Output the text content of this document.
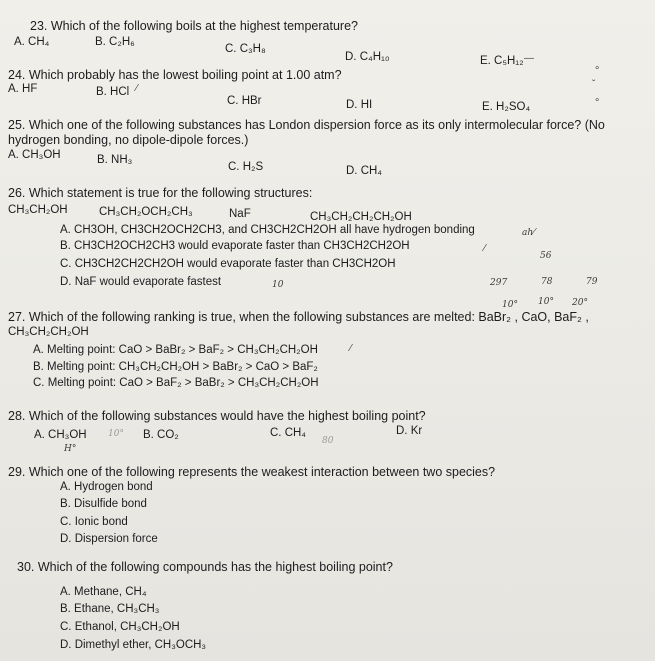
23. Which of the following boils at the highest temperature?
A. CH₄	B. C₂H₆
C. C₃H₈
D. C₄H₁₀	E. C₅H₁₂ —
∘
24. Which probably has the lowest boiling point at 1.00 atm?
A. HF	B. HCl ⁄
C. HBr	D. HI	E. H₂SO₄
ˇ
∘
25. Which one of the following substances has London dispersion force as its only intermolecular force? (No
hydrogen bonding, no dipole-dipole forces.)
A. CH₃OH	B. NH₃
C. H₂S	D. CH₄
26. Which statement is true for the following structures:
CH₃CH₂OH	CH₃CH₂OCH₂CH₃	NaF	CH₃CH₂CH₂CH₂OH
A. CH3OH, CH3CH2OCH2CH3, and CH3CH2CH2OH all have hydrogen bonding	ah⁄
B. CH3CH2OCH2CH3 would evaporate faster than CH3CH2CH2OH	⁄
56
C. CH3CH2CH2CH2OH would evaporate faster than CH3CH2OH
D. NaF would evaporate fastest	10	297	78	79
10° 10° 20°
27. Which of the following ranking is true, when the following substances are melted: BaBr₂ , CaO, BaF₂ ,
CH₃CH₂CH₂OH
A. Melting point: CaO > BaBr₂ > BaF₂ > CH₃CH₂CH₂OH	⁄
B. Melting point: CH₃CH₂CH₂OH > BaBr₂ > CaO > BaF₂
C. Melting point: CaO > BaF₂ > BaBr₂ > CH₃CH₂CH₂OH
28. Which of the following substances would have the highest boiling point?
A. CH₃OH 10°
H°
B. CO₂	C. CH₄
80
D. Kr
29. Which one of the following represents the weakest interaction between two species?
A. Hydrogen bond
B. Disulfide bond
C. Ionic bond
D. Dispersion force
30. Which of the following compounds has the highest boiling point?
A. Methane, CH₄
B. Ethane, CH₃CH₃
C. Ethanol, CH₃CH₂OH
D. Dimethyl ether, CH₃OCH₃
